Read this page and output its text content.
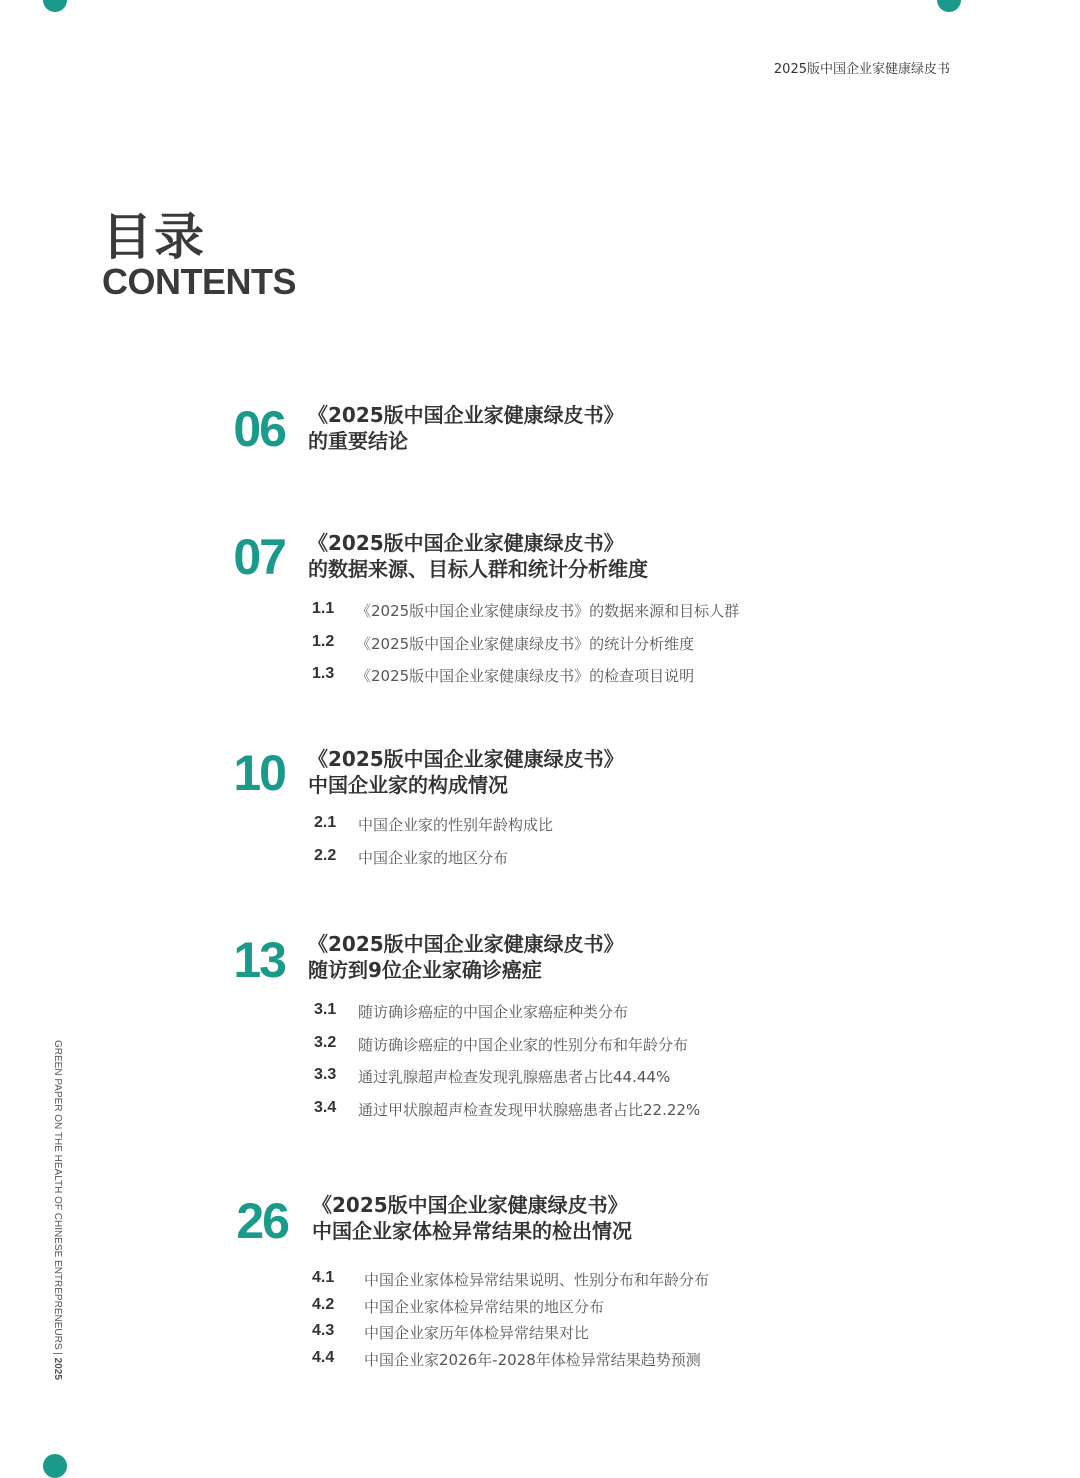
2025版中国企业家健康绿皮书
目录
CONTENTS
GREEN PAPER ON THE HEALTH OF CHINESE ENTREPRENEURS | 2025
06 《2025版中国企业家健康绿皮书》
的重要结论
07 《2025版中国企业家健康绿皮书》
的数据来源、目标人群和统计分析维度
1.1 《2025版中国企业家健康绿皮书》的数据来源和目标人群
1.2 《2025版中国企业家健康绿皮书》的统计分析维度
1.3 《2025版中国企业家健康绿皮书》的检查项目说明
10 《2025版中国企业家健康绿皮书》
中国企业家的构成情况
2.1 中国企业家的性别年龄构成比
2.2 中国企业家的地区分布
13 《2025版中国企业家健康绿皮书》
随访到9位企业家确诊癌症
3.1 随访确诊癌症的中国企业家癌症种类分布
3.2 随访确诊癌症的中国企业家的性别分布和年龄分布
3.3 通过乳腺超声检查发现乳腺癌患者占比44.44%
3.4 通过甲状腺超声检查发现甲状腺癌患者占比22.22%
26 《2025版中国企业家健康绿皮书》
中国企业家体检异常结果的检出情况
4.1 中国企业家体检异常结果说明、性别分布和年龄分布
4.2 中国企业家体检异常结果的地区分布
4.3 中国企业家历年体检异常结果对比
4.4 中国企业家2026年-2028年体检异常结果趋势预测
